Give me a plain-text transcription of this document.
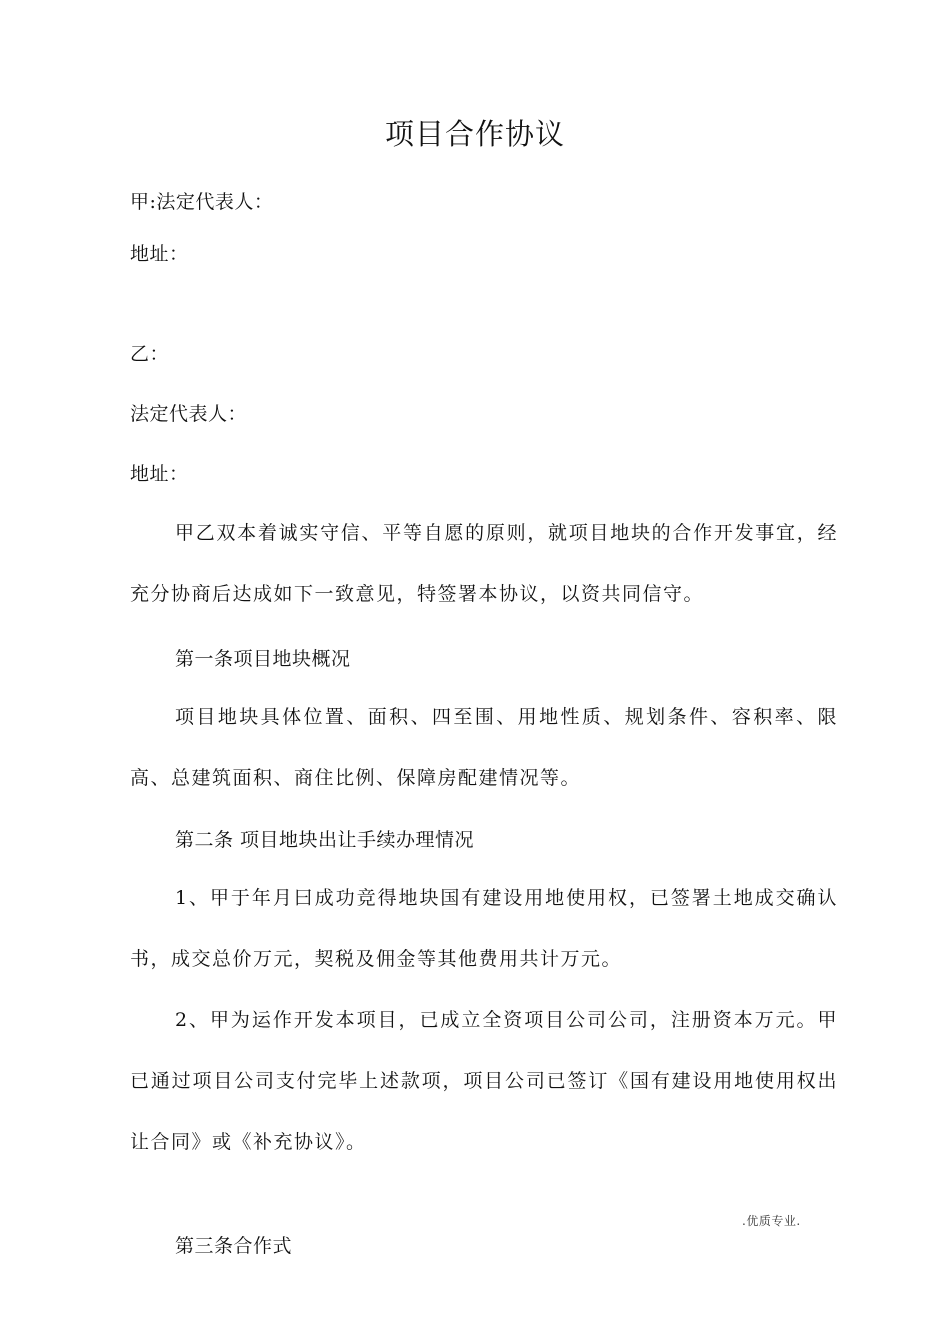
项目合作协议

甲:法定代表人：

地址：

乙：

法定代表人：

地址：

甲乙双本着诚实守信、平等自愿的原则，就项目地块的合作开发事宜，经充分协商后达成如下一致意见，特签署本协议，以资共同信守。

第一条项目地块概况

项目地块具体位置、面积、四至围、用地性质、规划条件、容积率、限高、总建筑面积、商住比例、保障房配建情况等。

第二条 项目地块出让手续办理情况

1、甲于年月曰成功竞得地块国有建设用地使用权，已签署土地成交确认书，成交总价万元，契税及佣金等其他费用共计万元。

2、甲为运作开发本项目，已成立全资项目公司公司，注册资本万元。甲已通过项目公司支付完毕上述款项，项目公司已签订《国有建设用地使用权出让合同》或《补充协议》。

.优质专业.

第三条合作式
